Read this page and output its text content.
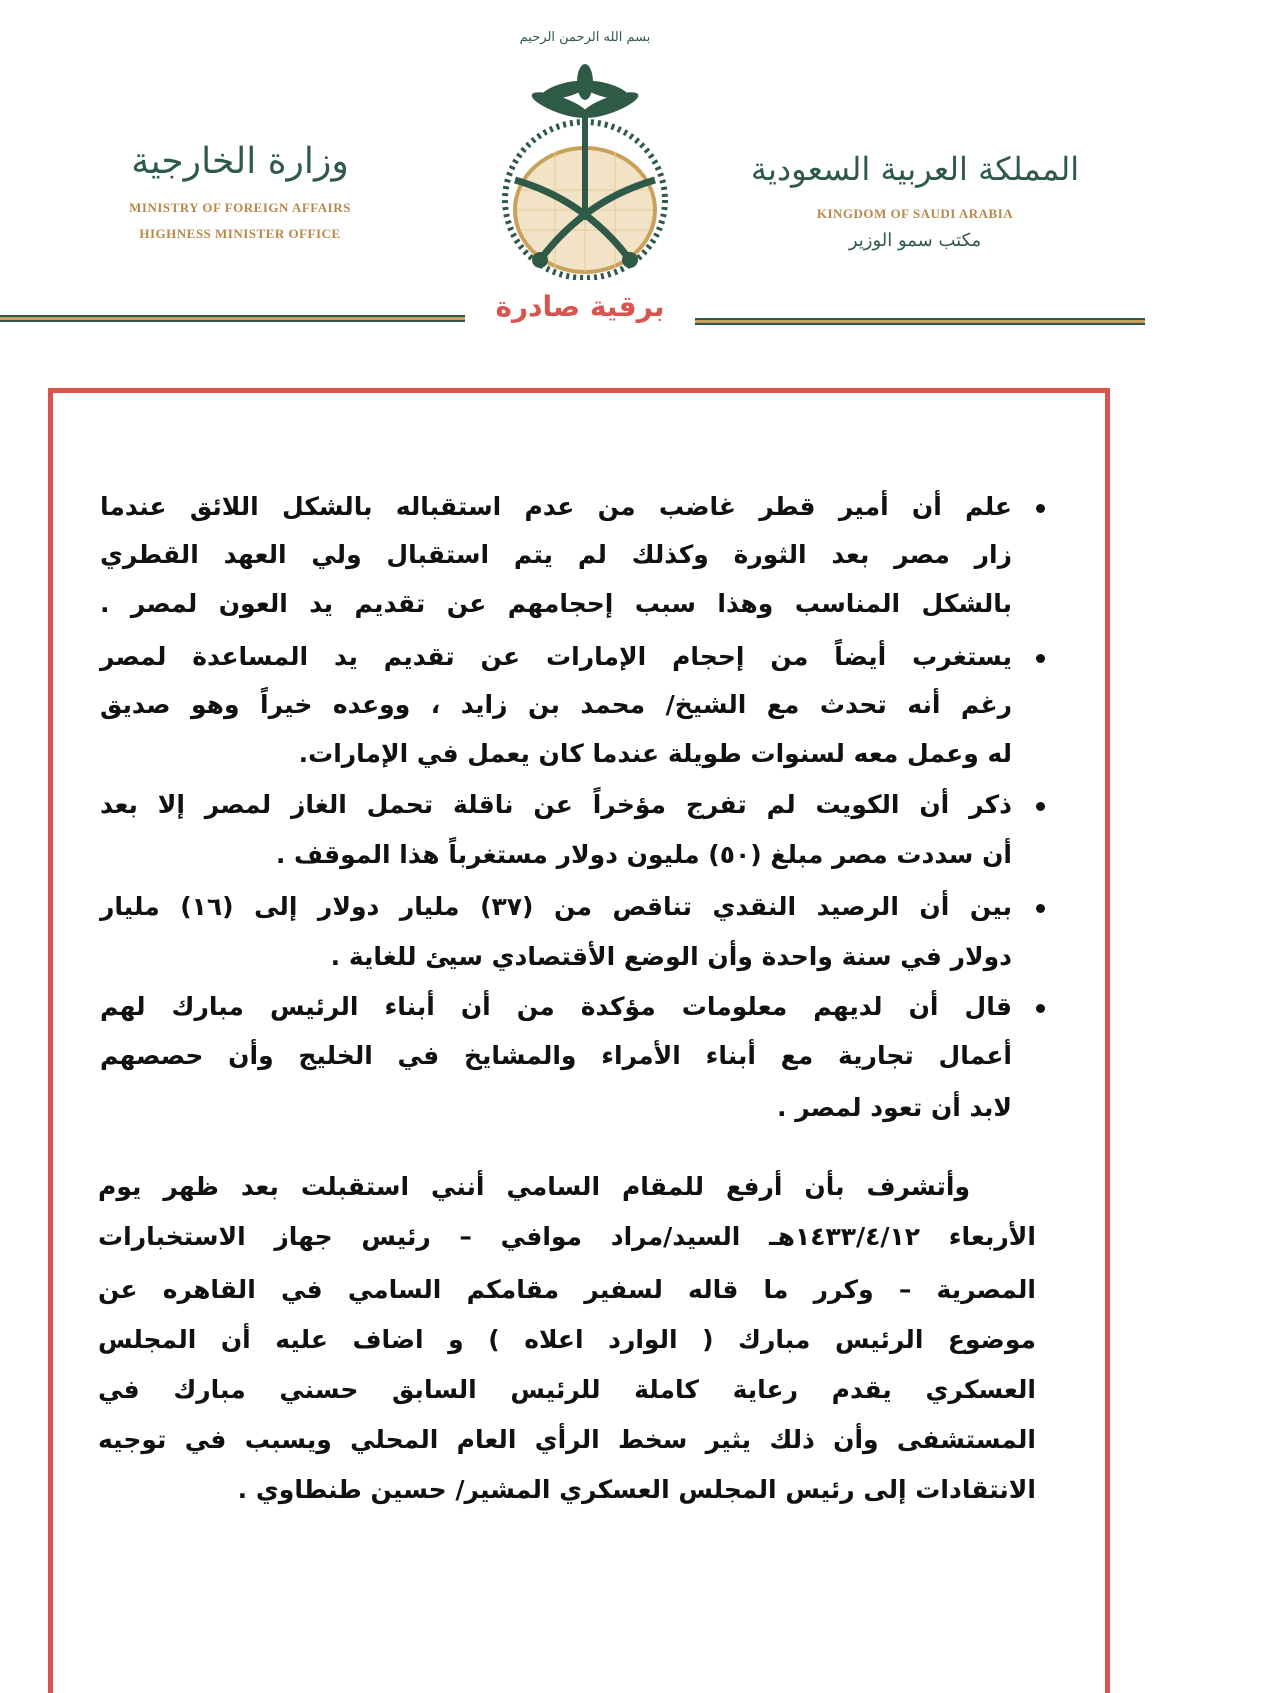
بسم الله الرحمن الرحيم
وزارة الخارجية
MINISTRY OF FOREIGN AFFAIRS
HIGHNESS MINISTER OFFICE
المملكة العربية السعودية
KINGDOM OF SAUDI ARABIA
مكتب سمو الوزير
برقية صادرة
علم أن أمير قطر غاضب من عدم استقباله بالشكل اللائق عندما
زار مصر بعد الثورة وكذلك لم يتم استقبال ولي العهد القطري
بالشكل المناسب وهذا سبب إحجامهم عن تقديم يد العون لمصر .
يستغرب أيضاً من إحجام الإمارات عن تقديم يد المساعدة لمصر
رغم أنه تحدث مع الشيخ/ محمد بن زايد ، ووعده خيراً وهو صديق
له وعمل معه لسنوات طويلة عندما كان يعمل في الإمارات.
ذكر أن الكويت لم تفرج مؤخراً عن ناقلة تحمل الغاز لمصر إلا بعد
أن سددت مصر مبلغ (٥٠) مليون دولار مستغرباً هذا الموقف .
بين أن الرصيد النقدي تناقص من (٣٧) مليار دولار إلى (١٦) مليار
دولار في سنة واحدة وأن الوضع الأقتصادي سيئ للغاية .
قال أن لديهم معلومات مؤكدة من أن أبناء الرئيس مبارك لهم
أعمال تجارية مع أبناء الأمراء والمشايخ في الخليج وأن حصصهم
لابد أن تعود لمصر .
وأتشرف بأن أرفع للمقام السامي أنني استقبلت بعد ظهر يوم
الأربعاء ١٤٣٣/٤/١٢هـ السيد/مراد موافي – رئيس جهاز الاستخبارات
المصرية – وكرر ما قاله لسفير مقامكم السامي في القاهره عن
موضوع الرئيس مبارك ( الوارد اعلاه ) و اضاف عليه أن المجلس
العسكري يقدم رعاية كاملة للرئيس السابق حسني مبارك في
المستشفى وأن ذلك يثير سخط الرأي العام المحلي ويسبب في توجيه
الانتقادات إلى رئيس المجلس العسكري المشير/ حسين طنطاوي .
